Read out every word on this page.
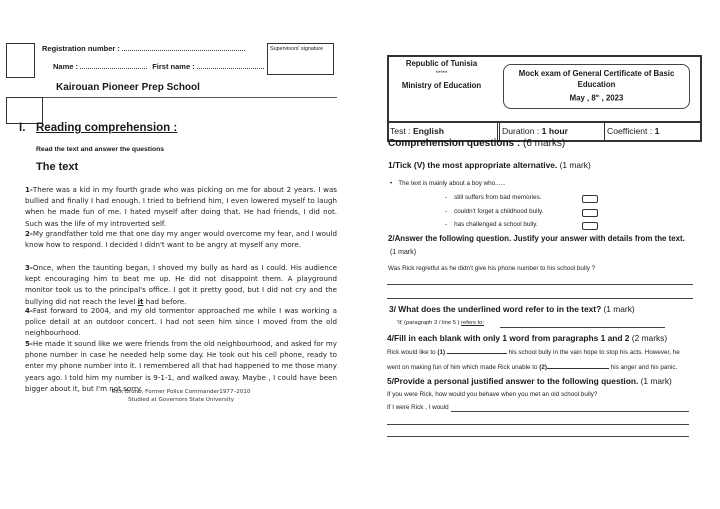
Registration number :
Name :	First name :
Supervisors' signature
Kairouan Pioneer Prep School
I. Reading comprehension :
Read the text and answer the questions
The text
1-There was a kid in my fourth grade who was picking on me for about 2 years. I was bullied and finally I had enough. I tried to befriend him, I even lowered myself to laugh when he made fun of me. I hated myself after doing that. He had friends, I did not. Such was the life of my introverted self.
2-My grandfather told me that one day my anger would overcome my fear, and I would know how to respond. I decided I didn't want to be angry at myself any more.
3-Once, when the taunting began, I shoved my bully as hard as I could. His audience kept encouraging him to beat me up. He did not disappoint them. A playground monitor took us to the principal's office. I got it pretty good, but I did not cry and the bullying did not reach the level it had before.
4-Fast forward to 2004, and my old tormentor approached me while I was working a police detail at an outdoor concert. I had not seen him since I moved from the old neighbourhood.
5-He made it sound like we were friends from the old neighbourhood, and asked for my phone number in case he needed help some day. He took out his cell phone, ready to enter my phone number into it. I remembered all that had happened to me those many years ago. I told him my number is 9-1-1, and walked away. Maybe , I could have been bigger about it, but I'm not sorry.
Rick Bruno, Former Police Commander1977–2010
Studied at Governors State University
Republic of Tunisia
*****
Ministry of Education
Mock exam of General Certificate of Basic
Education
May , 8th , 2023
Test : English	Duration : 1 hour	Coefficient : 1
Comprehension questions : (6 marks)
1/Tick (V) the most appropriate alternative. (1 mark)
• The text is mainly about a boy who......
- still suffers from bad memories.
- couldn't forget a childhood bully.
- has challenged a school bully.
2/Answer the following question. Justify your answer with details from the text.
(1 mark)
Was Rick regretful as he didn't give his phone number to his school bully ?
3/ What does the underlined word refer to in the text? (1 mark)
'It' (paragraph 3 / line 5 ) refers to:
4/Fill in each blank with only 1 word from paragraphs 1 and 2 (2 marks)
Rick would like to (1)	his school bully in the vain hope to stop his acts. However, he
went on making fun of him which made Rick unable to (2)	his anger and his panic.
5/Provide a personal justified answer to the following question. (1 mark)
If you were Rick, how would you behave when you met an old school bully?
If I were Rick , I would
